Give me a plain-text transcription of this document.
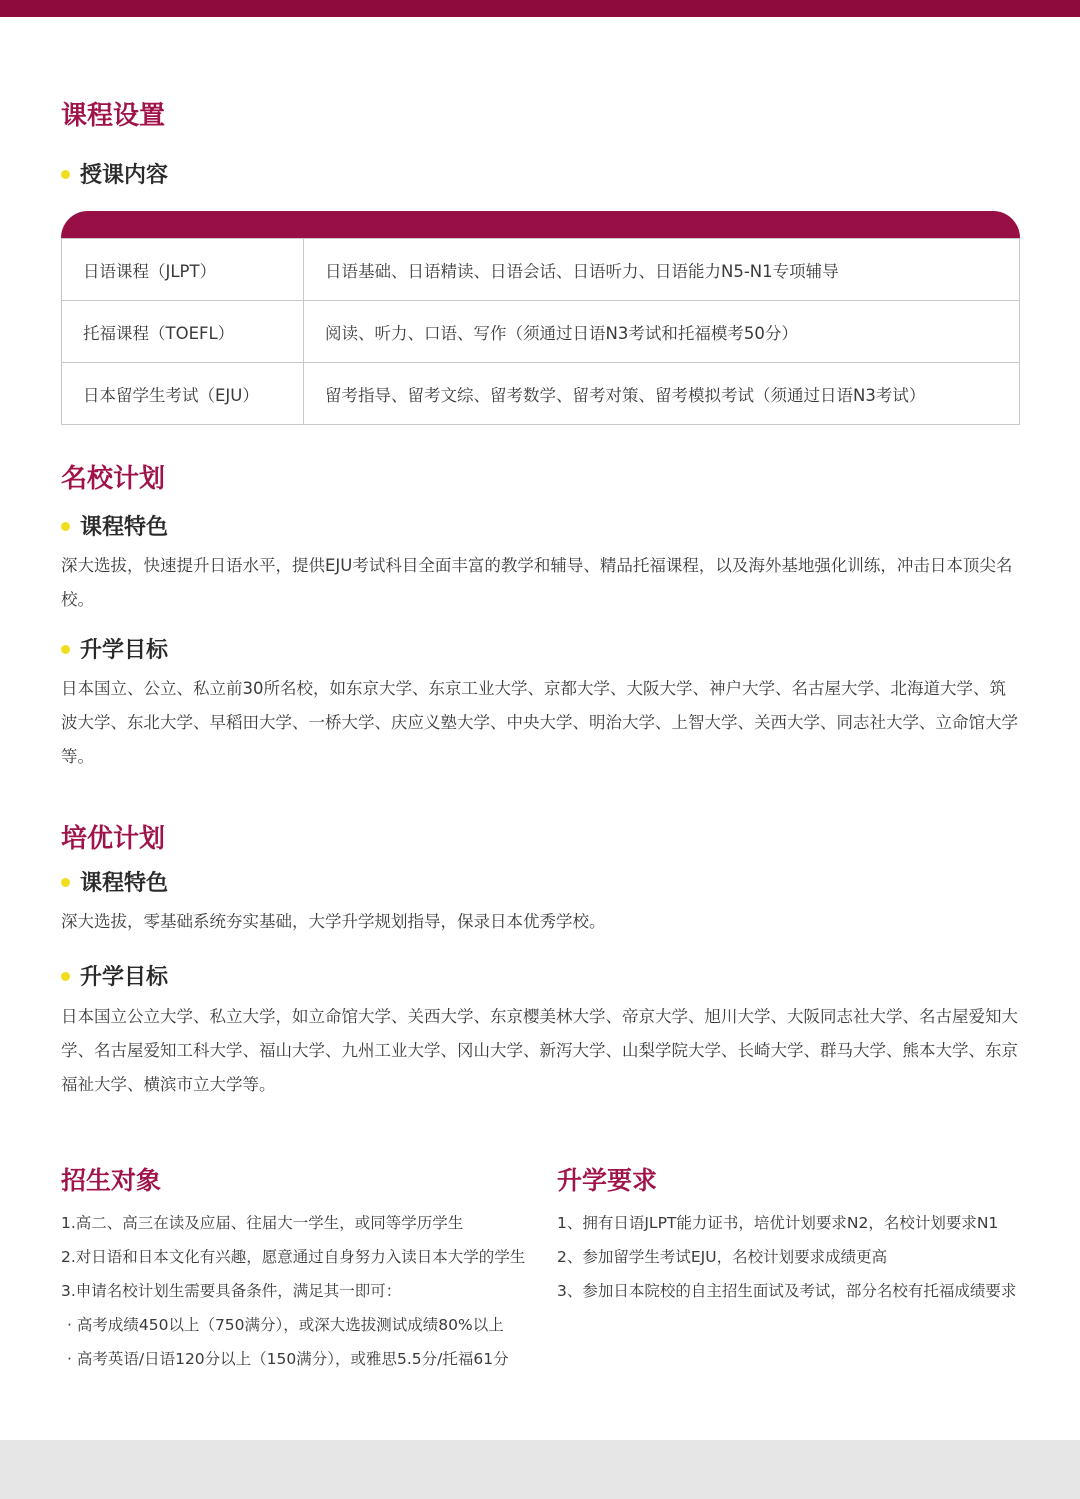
课程设置
授课内容
日语课程（JLPT）	日语基础、日语精读、日语会话、日语听力、日语能力N5-N1专项辅导
托福课程（TOEFL）	阅读、听力、口语、写作（须通过日语N3考试和托福模考50分）
日本留学生考试（EJU）	留考指导、留考文综、留考数学、留考对策、留考模拟考试（须通过日语N3考试）
名校计划
课程特色

深大选拔，快速提升日语水平，提供EJU考试科目全面丰富的教学和辅导、精品托福课程，以及海外基地强化训练，冲击日本顶尖名校。

升学目标

日本国立、公立、私立前30所名校，如东京大学、东京工业大学、京都大学、大阪大学、神户大学、名古屋大学、北海道大学、筑波大学、东北大学、早稻田大学、一桥大学、庆应义塾大学、中央大学、明治大学、上智大学、关西大学、同志社大学、立命馆大学等。

培优计划
课程特色

深大选拔，零基础系统夯实基础，大学升学规划指导，保录日本优秀学校。

升学目标

日本国立公立大学、私立大学，如立命馆大学、关西大学、东京樱美林大学、帝京大学、旭川大学、大阪同志社大学、名古屋爱知大学、名古屋爱知工科大学、福山大学、九州工业大学、冈山大学、新泻大学、山梨学院大学、长崎大学、群马大学、熊本大学、东京福祉大学、横滨市立大学等。

招生对象
1.高二、高三在读及应届、往届大一学生，或同等学历学生
2.对日语和日本文化有兴趣，愿意通过自身努力入读日本大学的学生
3.申请名校计划生需要具备条件，满足其一即可：
· 高考成绩450以上（750满分），或深大选拔测试成绩80%以上
· 高考英语/日语120分以上（150满分），或雅思5.5分/托福61分
升学要求
1、拥有日语JLPT能力证书，培优计划要求N2，名校计划要求N1
2、参加留学生考试EJU，名校计划要求成绩更高
3、参加日本院校的自主招生面试及考试，部分名校有托福成绩要求
